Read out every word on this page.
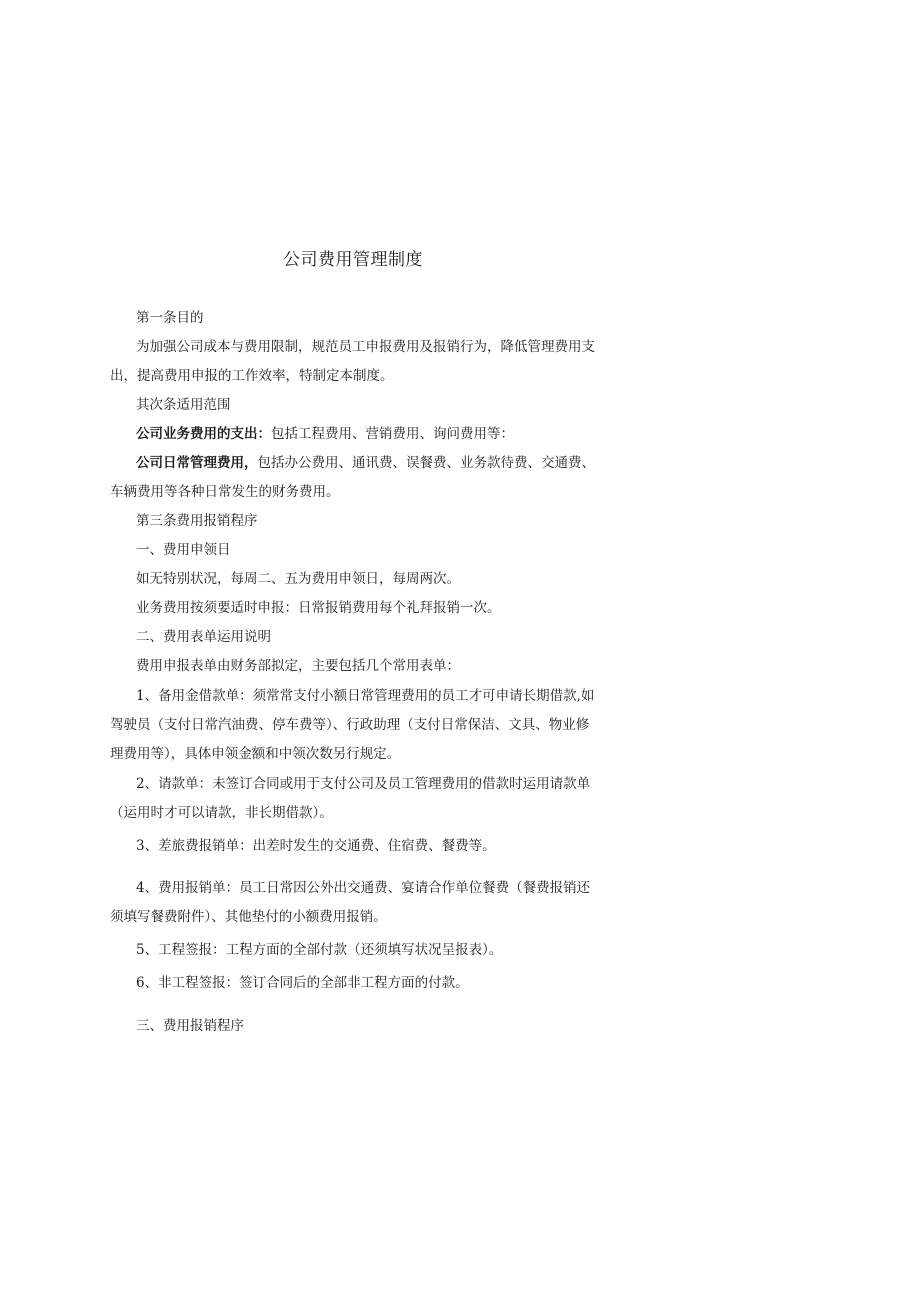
公司费用管理制度
第一条目的
为加强公司成本与费用限制，规范员工申报费用及报销行为，降低管理费用支
出，提高费用申报的工作效率，特制定本制度。
其次条适用范围
公司业务费用的支出：包括工程费用、营销费用、询问费用等：
公司日常管理费用，包括办公费用、通讯费、误餐费、业务款待费、交通费、
车辆费用等各种日常发生的财务费用。
第三条费用报销程序
一、费用申领日
如无特别状况，每周二、五为费用申领日，每周两次。
业务费用按须要适时申报：日常报销费用每个礼拜报销一次。
二、费用表单运用说明
费用申报表单由财务部拟定，主要包括几个常用表单：
1、备用金借款单：须常常支付小额日常管理费用的员工才可申请长期借款,如
驾驶员（支付日常汽油费、停车费等）、行政助理（支付日常保洁、文具、物业修
理费用等），具体申领金额和中领次数另行规定。
2、请款单：未签订合同或用于支付公司及员工管理费用的借款时运用请款单
（运用时才可以请款，非长期借款）。
3、差旅费报销单：出差时发生的交通费、住宿费、餐费等。
4、费用报销单：员工日常因公外出交通费、宴请合作单位餐费（餐费报销还
须填写餐费附件）、其他垫付的小额费用报销。
5、工程签报：工程方面的全部付款（还须填写状况呈报表）。
6、非工程签报：签订合同后的全部非工程方面的付款。
三、费用报销程序
